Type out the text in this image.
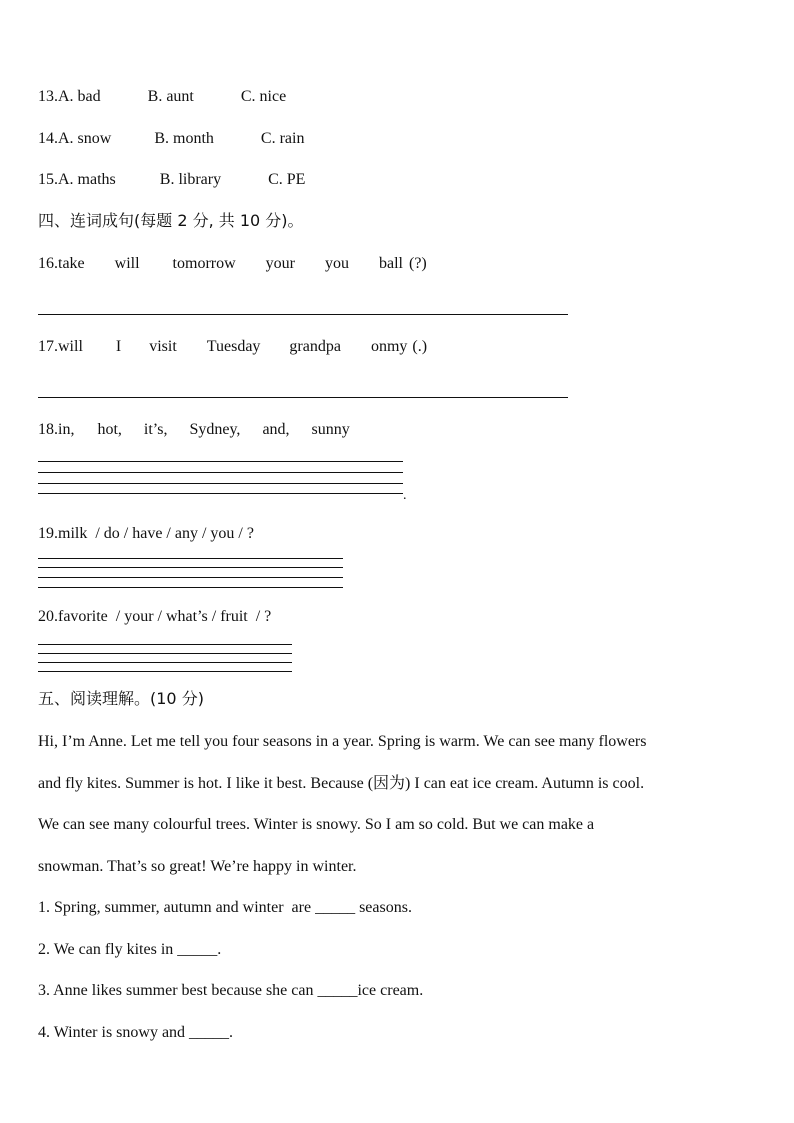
13.A. bad	B. aunt	C. nice
14.A. snow	B. month	C. rain
15.A. maths	B. library	C. PE
四、连词成句(每题 2 分, 共 10 分)。
16.take will tomorrow your you ball (?)
17.will I visit Tuesday grandpa onmy (.)
18.in, hot, it’s, Sydney, and, sunny
.
19.milk  / do / have / any / you / ?
20.favorite  / your / what’s / fruit  / ?
五、阅读理解。(10 分)
Hi, I’m Anne. Let me tell you four seasons in a year. Spring is warm. We can see many flowers
and fly kites. Summer is hot. I like it best. Because (因为) I can eat ice cream. Autumn is cool.
We can see many colourful trees. Winter is snowy. So I am so cold. But we can make a
snowman. That’s so great! We’re happy in winter.
1. Spring, summer, autumn and winter  are _____ seasons.
2. We can fly kites in _____.
3. Anne likes summer best because she can _____ice cream.
4. Winter is snowy and _____.
